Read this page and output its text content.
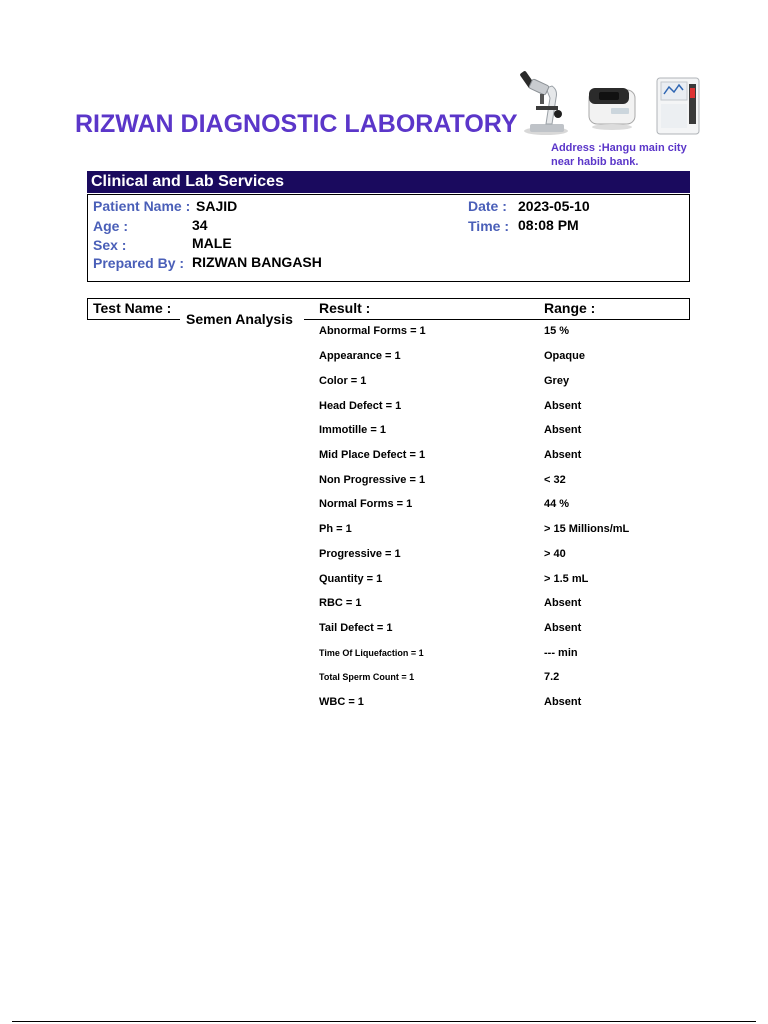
RIZWAN DIAGNOSTIC LABORATORY
Address :Hangu main city near habib bank.
Clinical and Lab Services
Patient Name : SAJID
Age :	34
Sex :	MALE
Prepared By : RIZWAN BANGASH
Date : 2023-05-10
Time : 08:08 PM
Test Name :	Result :	Range :
Semen Analysis
Abnormal Forms = 1	15 %
Appearance = 1	Opaque
Color = 1	Grey
Head Defect = 1	Absent
Immotille = 1	Absent
Mid Place Defect = 1	Absent
Non Progressive = 1	< 32
Normal Forms = 1	44 %
Ph = 1	> 15 Millions/mL
Progressive = 1	> 40
Quantity = 1	> 1.5 mL
RBC = 1	Absent
Tail Defect = 1	Absent
Time Of Liquefaction = 1	--- min
Total Sperm Count = 1	7.2
WBC = 1	Absent
